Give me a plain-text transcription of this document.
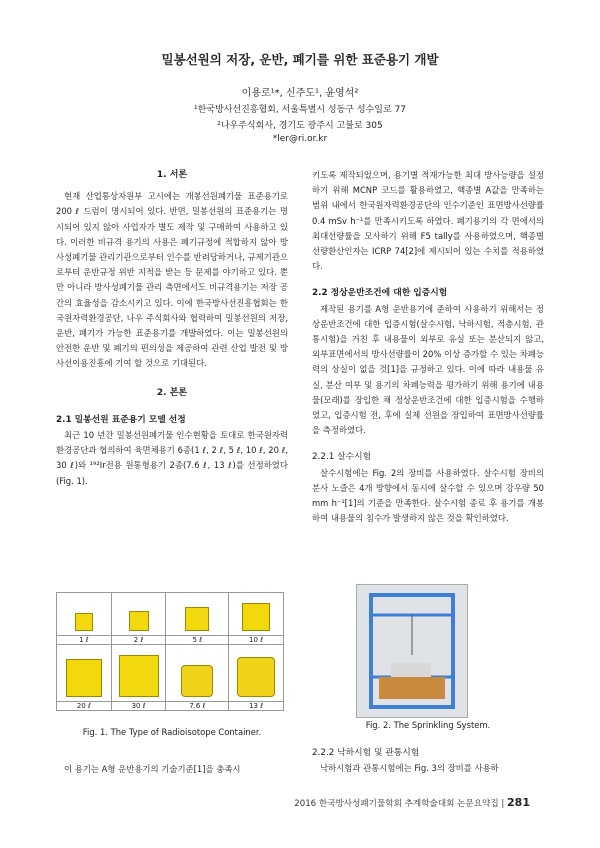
밀봉선원의 저장, 운반, 폐기를 위한 표준용기 개발
이용로¹*, 신주도¹, 윤영석²
¹한국방사선진흥협회, 서울특별시 성동구 성수일로 77
²나우주식회사, 경기도 광주시 고불로 305
*ler@ri.or.kr

1. 서론

현재 산업통상자원부 고시에는 개봉선원폐기물 표준용기로 200 ℓ 드럼이 명시되어 있다. 반면, 밀봉선원의 표준용기는 명시되어 있지 않아 사업자가 별도 제작 및 구매하여 사용하고 있다. 이러한 비규격 용기의 사용은 폐기규정에 적합하지 않아 방사성폐기물 관리기관으로부터 인수를 반려당하거나, 규제기관으로부터 운반규정 위반 지적을 받는 등 문제를 야기하고 있다. 뿐만 아니라 방사성폐기물 관리 측면에서도 비규격용기는 저장 공간의 효율성을 감소시키고 있다. 이에 한국방사선진흥협회는 한국원자력환경공단, 나우 주식회사와 협력하여 밀봉선원의 저장, 운반, 폐기가 가능한 표준용기를 개발하였다. 이는 밀봉선원의 안전한 운반 및 폐기의 편의성을 제공하여 관련 산업 발전 및 방사선이용진흥에 기여 할 것으로 기대된다.

2. 본론

2.1 밀봉선원 표준용기 모델 선정

최근 10 년간 밀봉선원폐기물 인수현황을 토대로 한국원자력환경공단과 협의하여 육면체용기 6종(1 ℓ, 2 ℓ, 5 ℓ, 10 ℓ, 20 ℓ, 30 ℓ)와 ¹⁹²Ir전용 원통형용기 2종(7.6 ℓ, 13 ℓ)를 선정하였다(Fig. 1).

1 ℓ	2 ℓ	5 ℓ	10 ℓ

20 ℓ	30 ℓ	7.6 ℓ	13 ℓ
Fig. 1. The Type of Radioisotope Container.
이 용기는 A형 운반용기의 기술기준[1]을 충족시

키도록 제작되었으며, 용기별 적재가능한 최대 방사능량을 설정하기 위해 MCNP 코드를 활용하였고, 핵종별 A값을 만족하는 범위 내에서 한국원자력환경공단의 인수기준인 표면방사선량률 0.4 mSv h⁻¹를 만족시키도록 하였다. 폐기용기의 각 면에서의 최대선량률을 모사하기 위해 F5 tally를 사용하였으며, 핵종별 선량환산인자는 ICRP 74[2]에 제시되어 있는 수치를 적용하였다.

2.2 정상운반조건에 대한 입증시험

제작된 용기를 A형 운반용기에 준하여 사용하기 위해서는 정상운반조건에 대한 입증시험(살수시험, 낙하시험, 적층시험, 관통시험)을 거친 후 내용물이 외부로 유실 또는 분산되지 않고, 외부표면에서의 방사선량률이 20% 이상 증가할 수 있는 차폐능력의 상실이 없을 것[1]을 규정하고 있다. 이에 따라 내용물 유실, 분산 여부 및 용기의 차폐능력을 평가하기 위해 용기에 내용물(모래)를 장입한 채 정상운반조건에 대한 입증시험을 수행하였고, 입증시험 전, 후에 실제 선원을 장입하여 표면방사선량률을 측정하였다.

2.2.1 살수시험

살수시험에는 Fig. 2의 장비를 사용하였다. 살수시험 장비의 분사 노즐은 4개 방향에서 동시에 살수할 수 있으며 강우량 50 mm h⁻¹[1]의 기준을 만족한다. 살수시험 종료 후 용기를 개봉하여 내용물의 침수가 발생하지 않은 것을 확인하였다.

Fig. 2. The Sprinkling System.

2.2.2 낙하시험 및 관통시험

낙하시험과 관통시험에는 Fig. 3의 장비를 사용하

2016 한국방사성폐기물학회 추계학술대회 논문요약집 | 281
